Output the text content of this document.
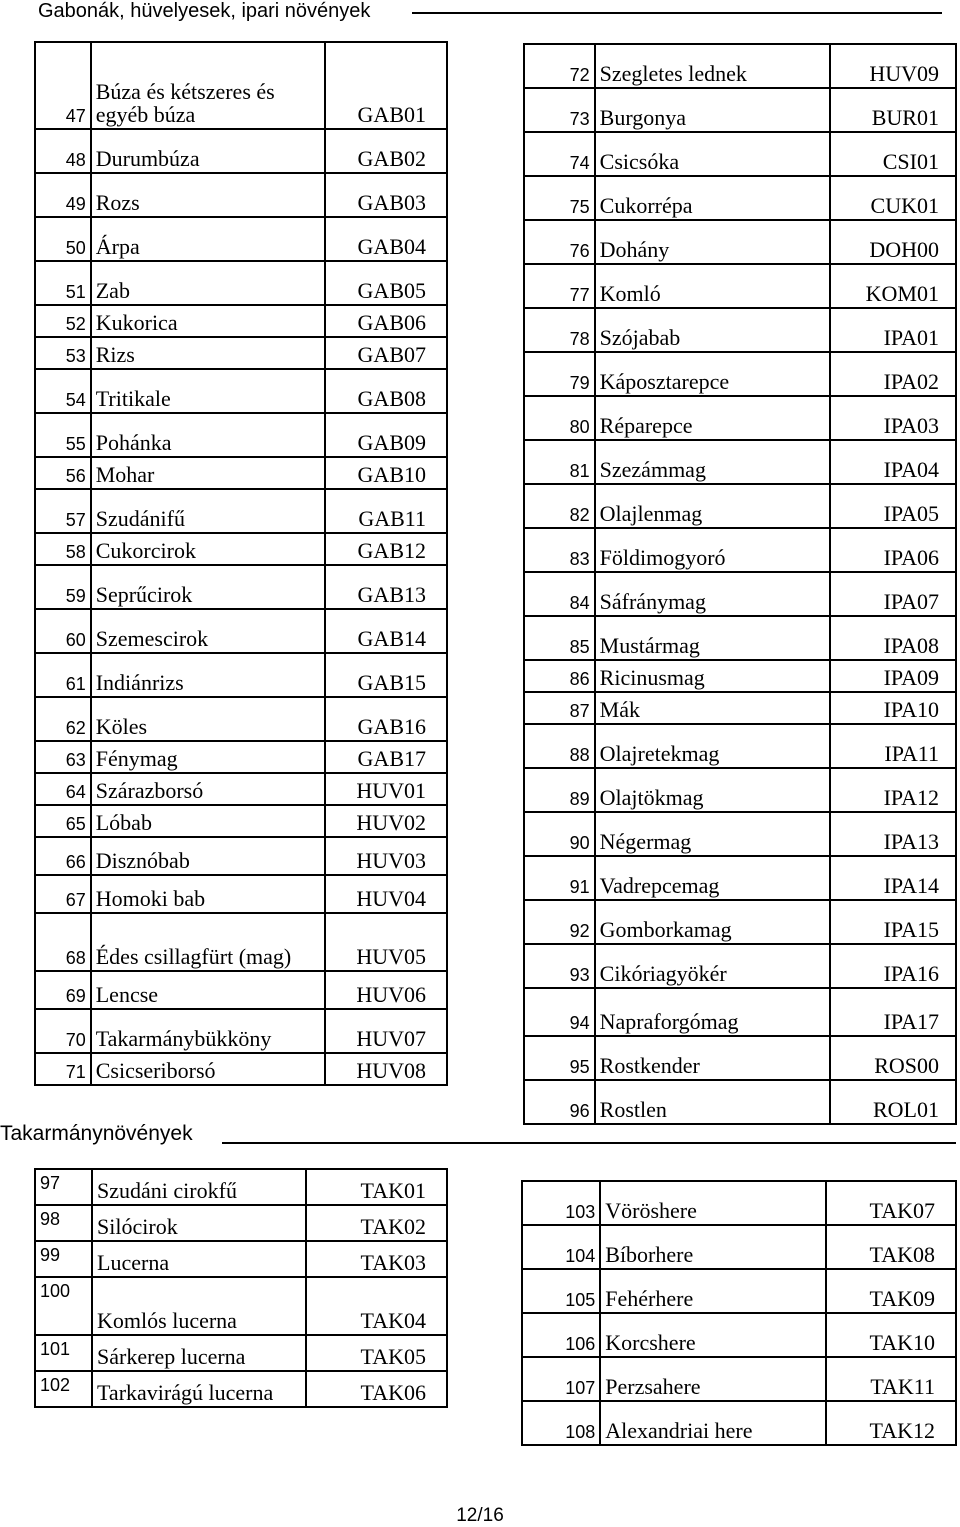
Gabonák, hüvelyesek, ipari növények
47	Búza és kétszeres és egyéb búza	GAB01
48	Durumbúza	GAB02
49	Rozs	GAB03
50	Árpa	GAB04
51	Zab	GAB05
52	Kukorica	GAB06
53	Rizs	GAB07
54	Tritikale	GAB08
55	Pohánka	GAB09
56	Mohar	GAB10
57	Szudánifű	GAB11
58	Cukorcirok	GAB12
59	Seprűcirok	GAB13
60	Szemescirok	GAB14
61	Indiánrizs	GAB15
62	Köles	GAB16
63	Fénymag	GAB17
64	Szárazborsó	HUV01
65	Lóbab	HUV02
66	Disznóbab	HUV03
67	Homoki bab	HUV04
68	Édes csillagfürt (mag)	HUV05
69	Lencse	HUV06
70	Takarmánybükköny	HUV07
71	Csicseriborsó	HUV08
72	Szegletes lednek	HUV09
73	Burgonya	BUR01
74	Csicsóka	CSI01
75	Cukorrépa	CUK01
76	Dohány	DOH00
77	Komló	KOM01
78	Szójabab	IPA01
79	Káposztarepce	IPA02
80	Réparepce	IPA03
81	Szezámmag	IPA04
82	Olajlenmag	IPA05
83	Földimogyoró	IPA06
84	Sáfránymag	IPA07
85	Mustármag	IPA08
86	Ricinusmag	IPA09
87	Mák	IPA10
88	Olajretekmag	IPA11
89	Olajtökmag	IPA12
90	Négermag	IPA13
91	Vadrepcemag	IPA14
92	Gomborkamag	IPA15
93	Cikóriagyökér	IPA16
94	Napraforgómag	IPA17
95	Rostkender	ROS00
96	Rostlen	ROL01
Takarmánynövények
97	Szudáni cirokfű	TAK01
98	Silócirok	TAK02
99	Lucerna	TAK03
100	Komlós lucerna	TAK04
101	Sárkerep lucerna	TAK05
102	Tarkavirágú lucerna	TAK06
103	Vöröshere	TAK07
104	Bíborhere	TAK08
105	Fehérhere	TAK09
106	Korcshere	TAK10
107	Perzsahere	TAK11
108	Alexandriai here	TAK12
12/16
